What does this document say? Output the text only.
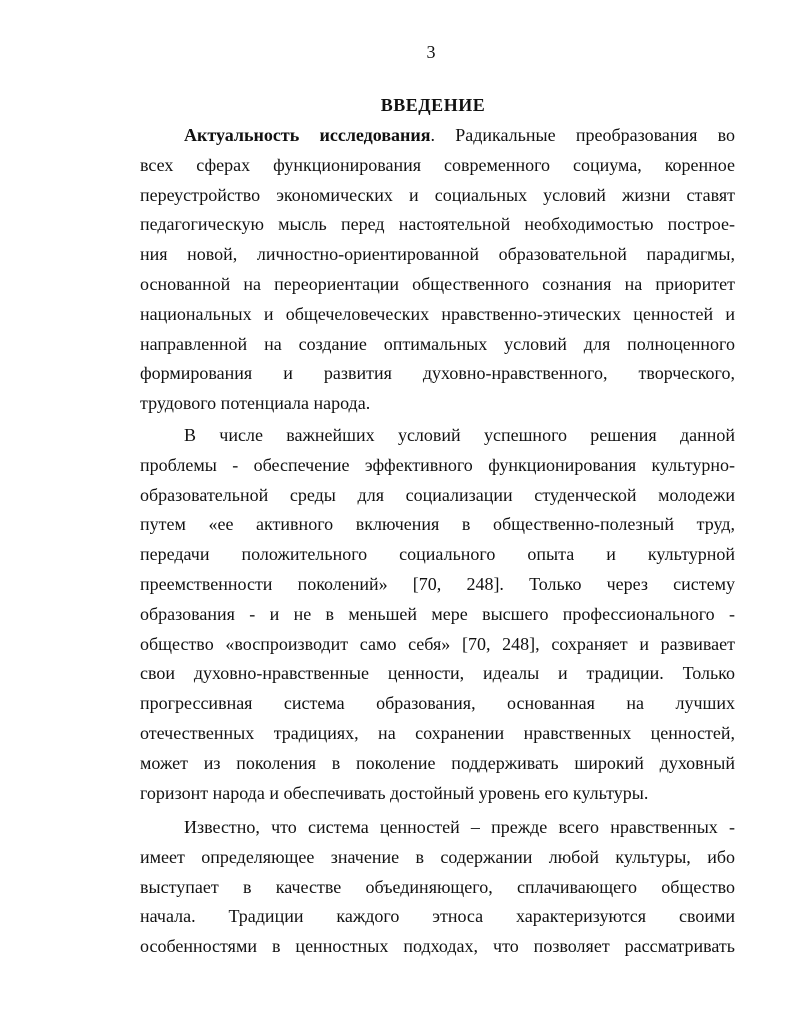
3
ВВЕДЕНИЕ
Актуальность исследования. Радикальные преобразования во
всех сферах функционирования современного социума, коренное
переустройство экономических и социальных условий жизни ставят
педагогическую мысль перед настоятельной необходимостью построе-
ния новой, личностно-ориентированной образовательной парадигмы,
основанной на переориентации общественного сознания на приоритет
национальных и общечеловеческих нравственно-этических ценностей и
направленной на создание оптимальных условий для полноценного
формирования и развития духовно-нравственного, творческого,
трудового потенциала народа.
В числе важнейших условий успешного решения данной
проблемы - обеспечение эффективного функционирования культурно-
образовательной среды для социализации студенческой молодежи
путем «ее активного включения в общественно-полезный труд,
передачи положительного социального опыта и культурной
преемственности поколений» [70, 248]. Только через систему
образования - и не в меньшей мере высшего профессионального -
общество «воспроизводит само себя» [70, 248], сохраняет и развивает
свои духовно-нравственные ценности, идеалы и традиции. Только
прогрессивная система образования, основанная на лучших
отечественных традициях, на сохранении нравственных ценностей,
может из поколения в поколение поддерживать широкий духовный
горизонт народа и обеспечивать достойный уровень его культуры.
Известно, что система ценностей – прежде всего нравственных -
имеет определяющее значение в содержании любой культуры, ибо
выступает в качестве объединяющего, сплачивающего общество
начала. Традиции каждого этноса характеризуются своими
особенностями в ценностных подходах, что позволяет рассматривать
